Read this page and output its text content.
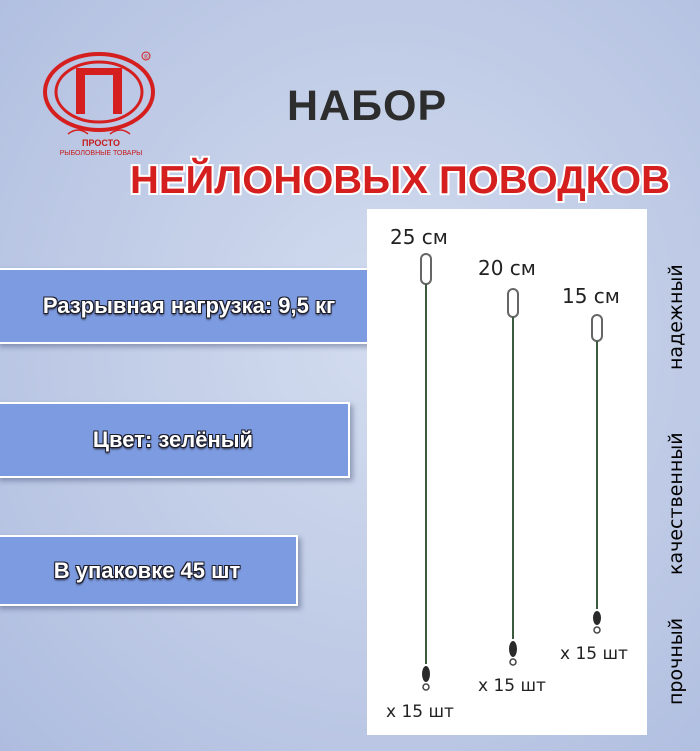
®
ПРОСТО
РЫБОЛОВНЫЕ ТОВАРЫ
НАБОР
НЕЙЛОНОВЫХ ПОВОДКОВ
Разрывная нагрузка: 9,5 кг
Цвет: зелёный
В упаковке 45 шт
25 см
20 см
15 см
x 15 шт
x 15 шт
x 15 шт прочный
качественный
надежный
